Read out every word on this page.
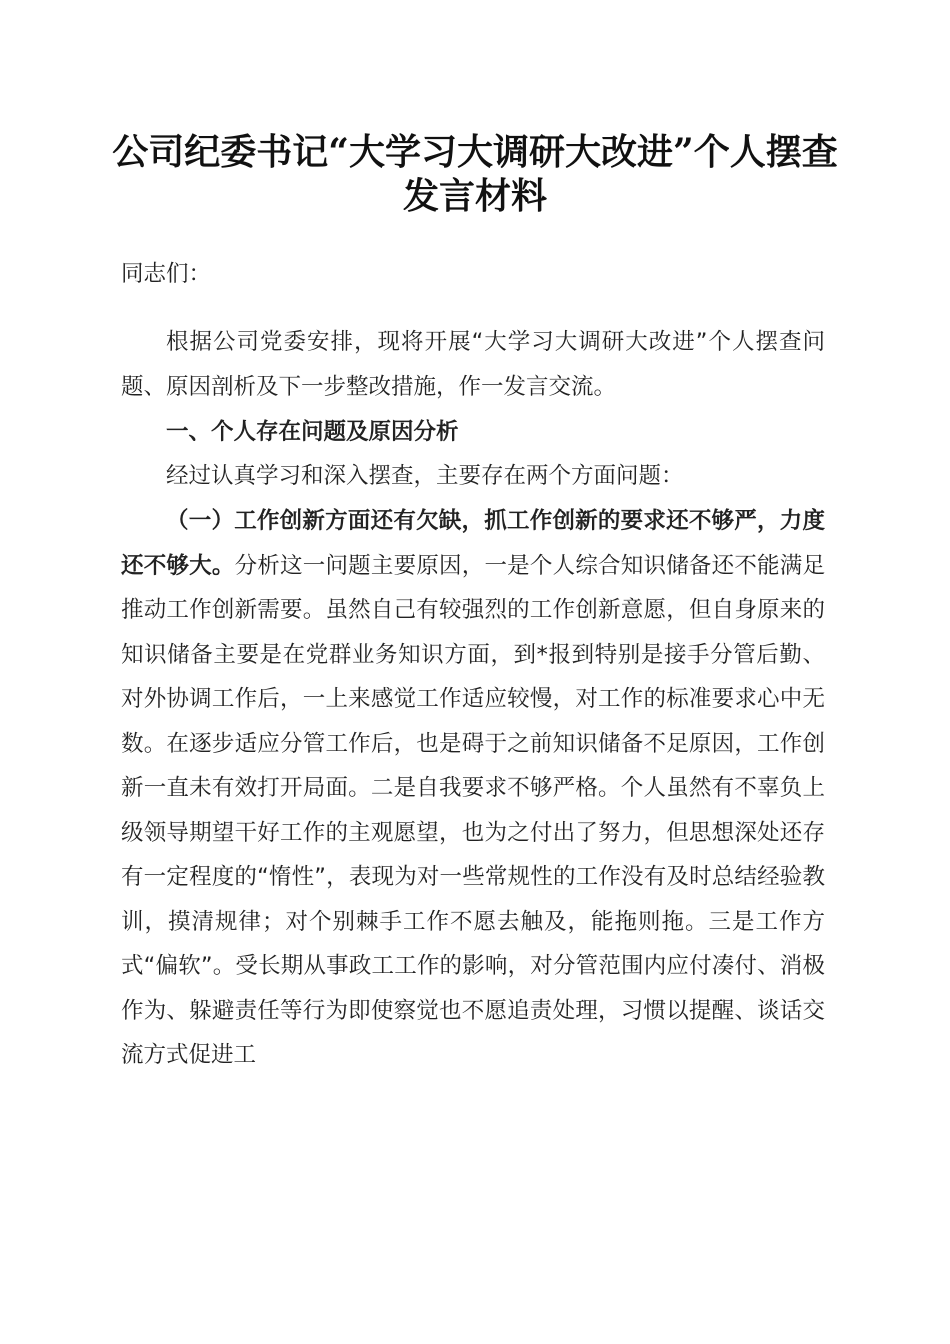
公司纪委书记“大学习大调研大改进”个人摆查发言材料

同志们：

根据公司党委安排，现将开展“大学习大调研大改进”个人摆查问题、原因剖析及下一步整改措施，作一发言交流。

一、个人存在问题及原因分析

经过认真学习和深入摆查，主要存在两个方面问题：

（一）工作创新方面还有欠缺，抓工作创新的要求还不够严，力度还不够大。分析这一问题主要原因，一是个人综合知识储备还不能满足推动工作创新需要。虽然自己有较强烈的工作创新意愿，但自身原来的知识储备主要是在党群业务知识方面，到*报到特别是接手分管后勤、对外协调工作后，一上来感觉工作适应较慢，对工作的标准要求心中无数。在逐步适应分管工作后，也是碍于之前知识储备不足原因，工作创新一直未有效打开局面。二是自我要求不够严格。个人虽然有不辜负上级领导期望干好工作的主观愿望，也为之付出了努力，但思想深处还存有一定程度的“惰性”，表现为对一些常规性的工作没有及时总结经验教训，摸清规律；对个别棘手工作不愿去触及，能拖则拖。三是工作方式“偏软”。受长期从事政工工作的影响，对分管范围内应付凑付、消极作为、躲避责任等行为即使察觉也不愿追责处理，习惯以提醒、谈话交流方式促进工
